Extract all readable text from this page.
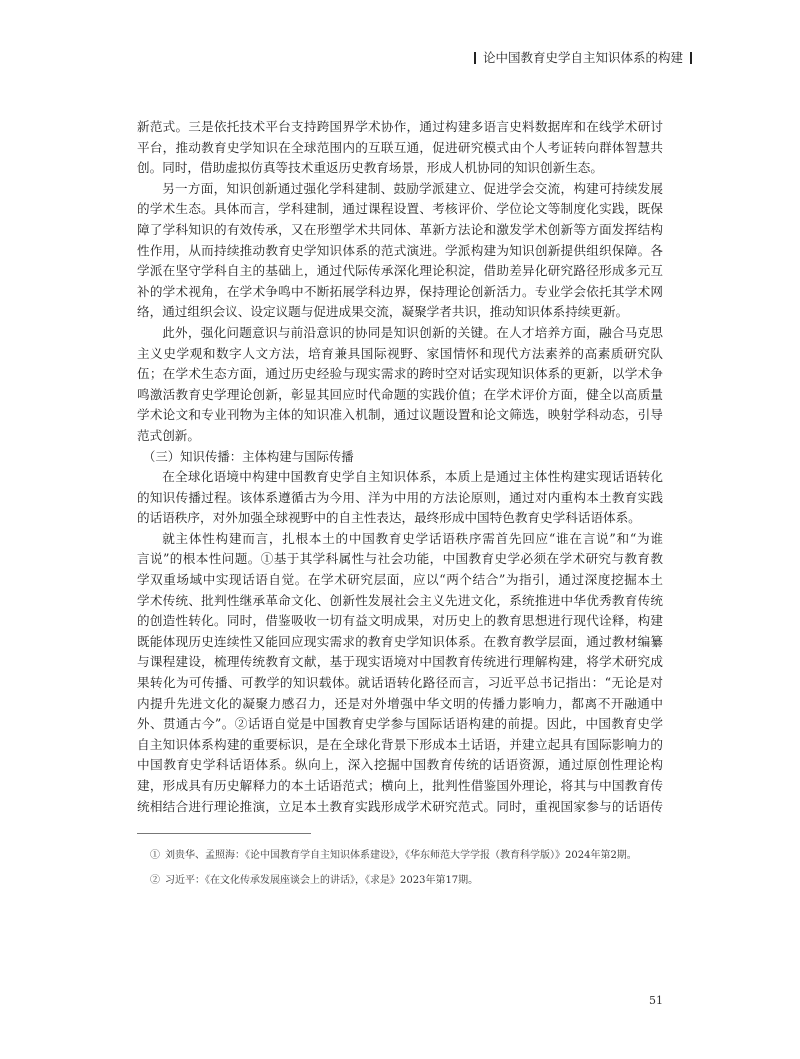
论中国教育史学自主知识体系的构建
新范式。三是依托技术平台支持跨国界学术协作，通过构建多语言史料数据库和在线学术研讨
平台，推动教育史学知识在全球范围内的互联互通，促进研究模式由个人考证转向群体智慧共
创。同时，借助虚拟仿真等技术重返历史教育场景，形成人机协同的知识创新生态。
另一方面，知识创新通过强化学科建制、鼓励学派建立、促进学会交流，构建可持续发展
的学术生态。具体而言，学科建制，通过课程设置、考核评价、学位论文等制度化实践，既保
障了学科知识的有效传承，又在形塑学术共同体、革新方法论和激发学术创新等方面发挥结构
性作用，从而持续推动教育史学知识体系的范式演进。学派构建为知识创新提供组织保障。各
学派在坚守学科自主的基础上，通过代际传承深化理论积淀，借助差异化研究路径形成多元互
补的学术视角，在学术争鸣中不断拓展学科边界，保持理论创新活力。专业学会依托其学术网
络，通过组织会议、设定议题与促进成果交流，凝聚学者共识，推动知识体系持续更新。
此外，强化问题意识与前沿意识的协同是知识创新的关键。在人才培养方面，融合马克思
主义史学观和数字人文方法，培育兼具国际视野、家国情怀和现代方法素养的高素质研究队
伍；在学术生态方面，通过历史经验与现实需求的跨时空对话实现知识体系的更新，以学术争
鸣激活教育史学理论创新，彰显其回应时代命题的实践价值；在学术评价方面，健全以高质量
学术论文和专业刊物为主体的知识准入机制，通过议题设置和论文筛选，映射学科动态，引导
范式创新。
（三）知识传播：主体构建与国际传播
在全球化语境中构建中国教育史学自主知识体系，本质上是通过主体性构建实现话语转化
的知识传播过程。该体系遵循古为今用、洋为中用的方法论原则，通过对内重构本土教育实践
的话语秩序，对外加强全球视野中的自主性表达，最终形成中国特色教育史学科话语体系。
就主体性构建而言，扎根本土的中国教育史学话语秩序需首先回应“谁在言说”和“为谁
言说”的根本性问题。①基于其学科属性与社会功能，中国教育史学必须在学术研究与教育教
学双重场域中实现话语自觉。在学术研究层面，应以“两个结合”为指引，通过深度挖掘本土
学术传统、批判性继承革命文化、创新性发展社会主义先进文化，系统推进中华优秀教育传统
的创造性转化。同时，借鉴吸收一切有益文明成果，对历史上的教育思想进行现代诠释，构建
既能体现历史连续性又能回应现实需求的教育史学知识体系。在教育教学层面，通过教材编纂
与课程建设，梳理传统教育文献，基于现实语境对中国教育传统进行理解构建，将学术研究成
果转化为可传播、可教学的知识载体。就话语转化路径而言，习近平总书记指出：“无论是对
内提升先进文化的凝聚力感召力，还是对外增强中华文明的传播力影响力，都离不开融通中
外、贯通古今”。②话语自觉是中国教育史学参与国际话语构建的前提。因此，中国教育史学
自主知识体系构建的重要标识，是在全球化背景下形成本土话语，并建立起具有国际影响力的
中国教育史学科话语体系。纵向上，深入挖掘中国教育传统的话语资源，通过原创性理论构
建，形成具有历史解释力的本土话语范式；横向上，批判性借鉴国外理论，将其与中国教育传
统相结合进行理论推演，立足本土教育实践形成学术研究范式。同时，重视国家参与的话语传
① 刘贵华、孟照海：《论中国教育学自主知识体系建设》，《华东师范大学学报（教育科学版）》2024年第2期。
② 习近平：《在文化传承发展座谈会上的讲话》，《求是》2023年第17期。
51
